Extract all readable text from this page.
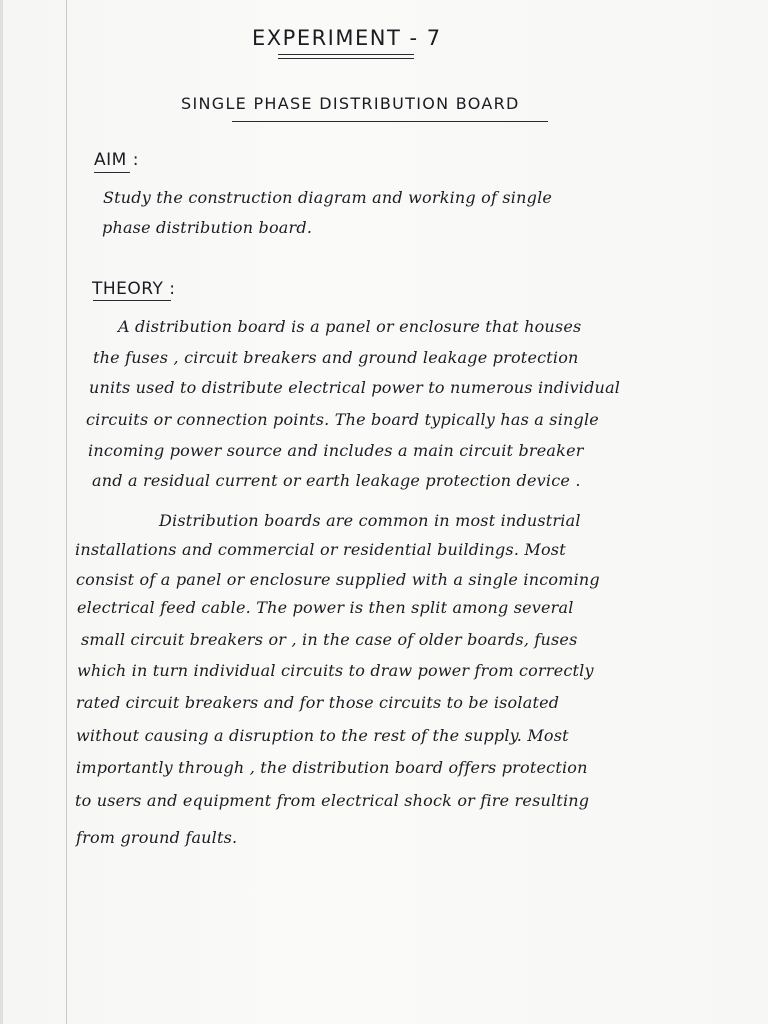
EXPERIMENT - 7
SINGLE PHASE DISTRIBUTION BOARD
AIM :
Study the construction diagram and working of single
phase distribution board.
THEORY :
A distribution board is a panel or enclosure that houses
the fuses , circuit breakers and ground leakage protection
units used to distribute electrical power to numerous individual
circuits or connection points. The board typically has a single
incoming power source and includes a main circuit breaker
and a residual current or earth leakage protection device .
Distribution boards are common in most industrial
installations and commercial or residential buildings. Most
consist of a panel or enclosure supplied with a single incoming
electrical feed cable. The power is then split among several
small circuit breakers or , in the case of older boards, fuses
which in turn individual circuits to draw power from correctly
rated circuit breakers and for those circuits to be isolated
without causing a disruption to the rest of the supply. Most
importantly through , the distribution board offers protection
to users and equipment from electrical shock or fire resulting
from ground faults.
